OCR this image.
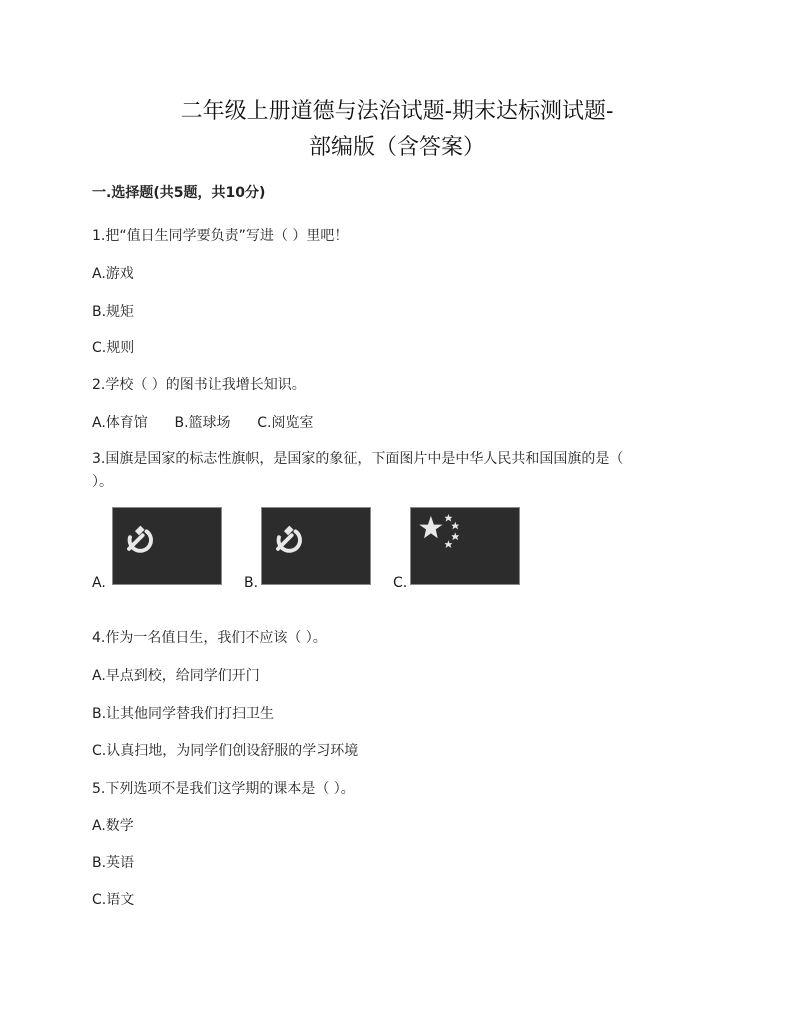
二年级上册道德与法治试题-期末达标测试题-
部编版（含答案）
一.选择题(共5题，共10分)
1.把“值日生同学要负责”写进（ ）里吧！
A.游戏
B.规矩
C.规则
2.学校（ ）的图书让我增长知识。
A.体育馆      B.篮球场      C.阅览室
3.国旗是国家的标志性旗帜，是国家的象征，下面图片中是中华人民共和国国旗的是（
）。
A.	B.	C.
4.作为一名值日生，我们不应该（ ）。
A.早点到校，给同学们开门
B.让其他同学替我们打扫卫生
C.认真扫地，为同学们创设舒服的学习环境
5.下列选项不是我们这学期的课本是（ ）。
A.数学
B.英语
C.语文
